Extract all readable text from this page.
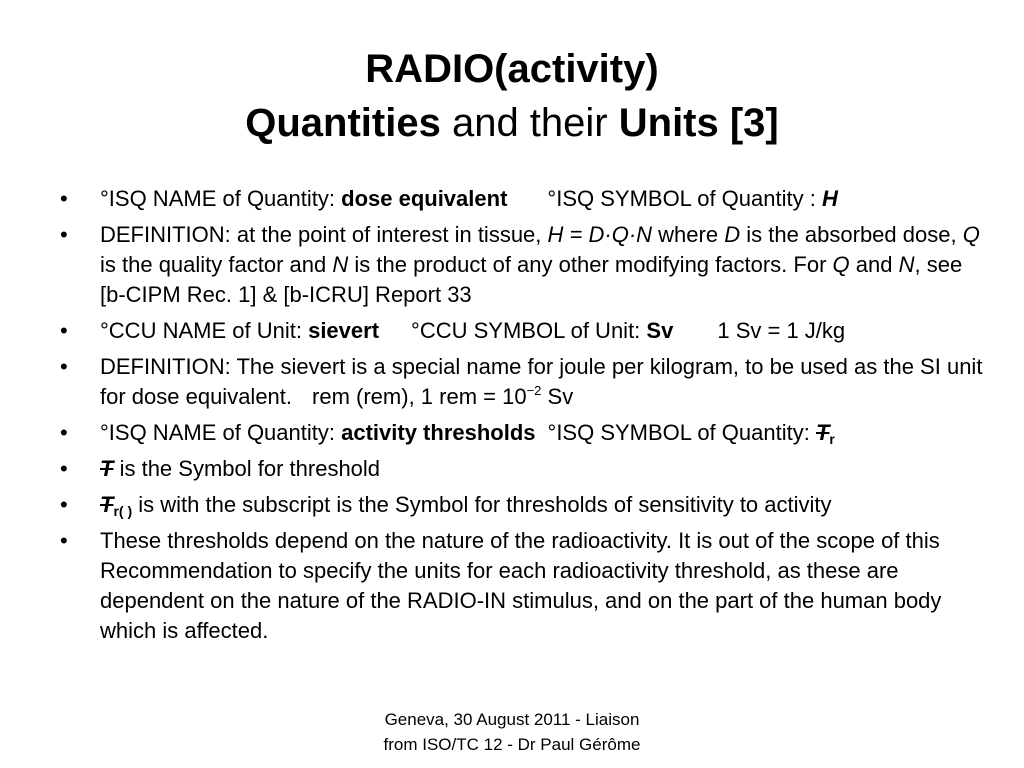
RADIO(activity)
Quantities and their Units [3]
• °ISQ NAME of Quantity: dose equivalent °ISQ SYMBOL of Quantity : H
• DEFINITION: at the point of interest in tissue, H = D·Q·N where D is the absorbed dose, Q is the quality factor and N is the product of any other modifying factors. For Q and N, see [b-CIPM Rec. 1] & [b-ICRU] Report 33
• °CCU NAME of Unit: sievert °CCU SYMBOL of Unit: Sv 1 Sv = 1 J/kg
• DEFINITION: The sievert is a special name for joule per kilogram, to be used as the SI unit for dose equivalent. rem (rem), 1 rem = $10^{-2}$ Sv
• °ISQ NAME of Quantity: activity thresholds °ISQ SYMBOL of Quantity: $T_r$
• T is the Symbol for threshold
• $T_{r( )}$ is with the subscript is the Symbol for thresholds of sensitivity to activity
• These thresholds depend on the nature of the radioactivity. It is out of the scope of this Recommendation to specify the units for each radioactivity threshold, as these are dependent on the nature of the RADIO-IN stimulus, and on the part of the human body which is affected.
Geneva, 30 August 2011 - Liaison
from ISO/TC 12 - Dr Paul Gérôme
